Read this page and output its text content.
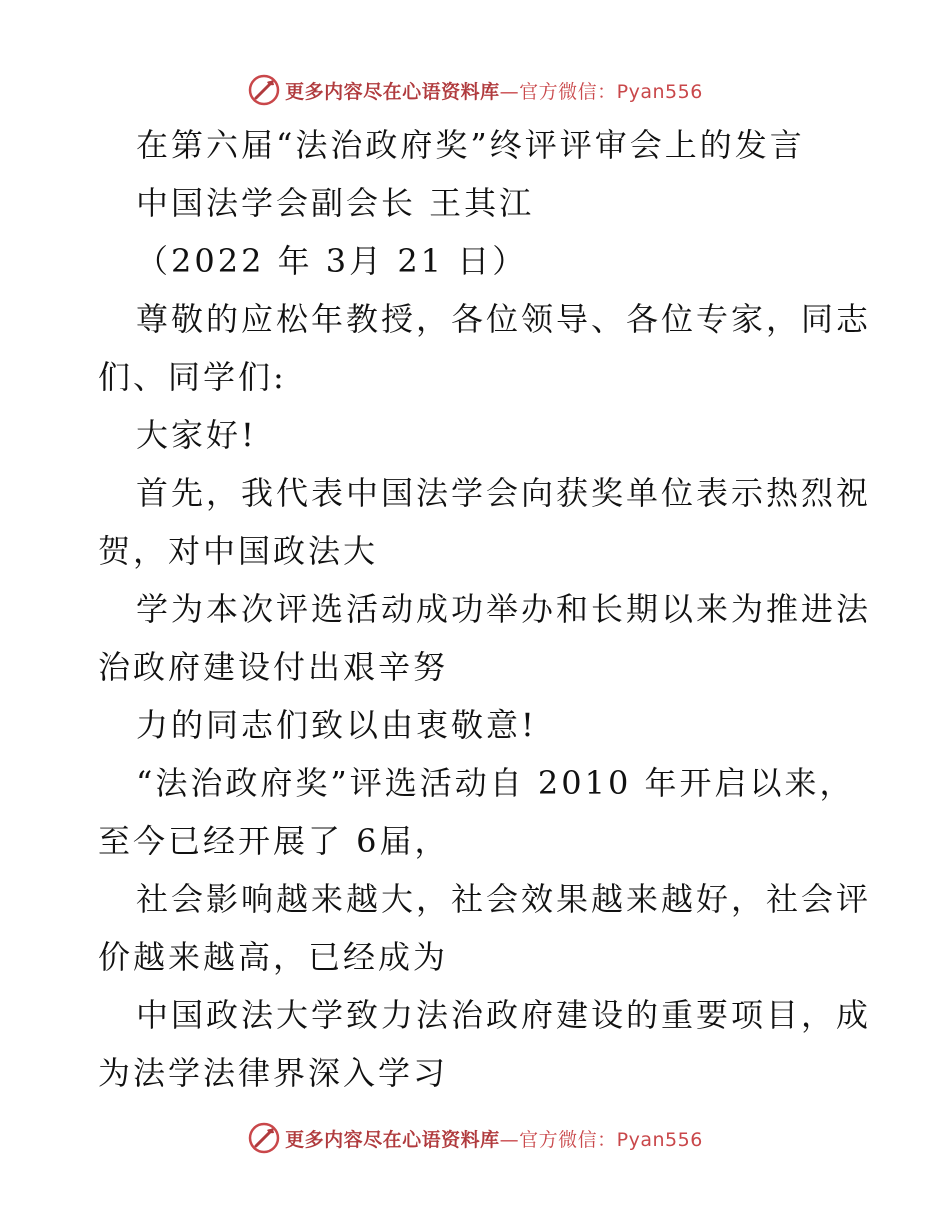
更多内容尽在心语资料库—官方微信：Pyan556
在第六届“法治政府奖”终评评审会上的发言
中国法学会副会长 王其江
（2022 年 3月 21 日）
尊敬的应松年教授，各位领导、各位专家，同志
们、同学们:
大家好!
首先，我代表中国法学会向获奖单位表示热烈祝
贺，对中国政法大
学为本次评选活动成功举办和长期以来为推进法
治政府建设付出艰辛努
力的同志们致以由衷敬意!
“法治政府奖”评选活动自 2010 年开启以来，
至今已经开展了 6届，
社会影响越来越大，社会效果越来越好，社会评
价越来越高，已经成为
中国政法大学致力法治政府建设的重要项目，成
为法学法律界深入学习
更多内容尽在心语资料库—官方微信：Pyan556
